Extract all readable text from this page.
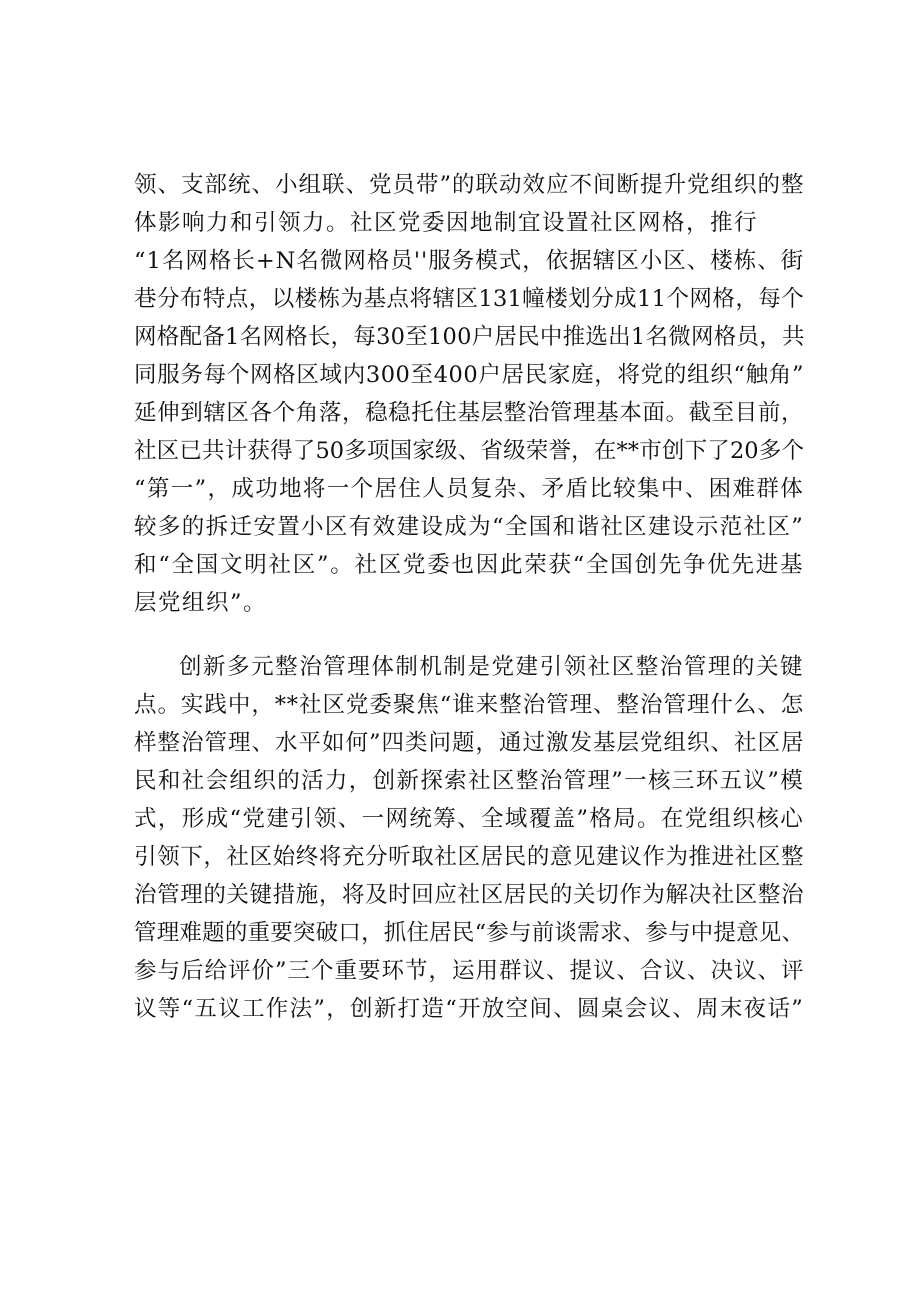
领、支部统、小组联、党员带”的联动效应不间断提升党组织的整
体影响力和引领力。社区党委因地制宜设置社区网格，推行
“1名网格长+N名微网格员''服务模式，依据辖区小区、楼栋、街
巷分布特点，以楼栋为基点将辖区131幢楼划分成11个网格，每个
网格配备1名网格长，每30至100户居民中推选出1名微网格员，共
同服务每个网格区域内300至400户居民家庭，将党的组织“触角”
延伸到辖区各个角落，稳稳托住基层整治管理基本面。截至目前，
社区已共计获得了50多项国家级、省级荣誉，在**市创下了20多个
“第一”，成功地将一个居住人员复杂、矛盾比较集中、困难群体
较多的拆迁安置小区有效建设成为“全国和谐社区建设示范社区”
和“全国文明社区”。社区党委也因此荣获“全国创先争优先进基
层党组织”。
创新多元整治管理体制机制是党建引领社区整治管理的关键
点。实践中，**社区党委聚焦“谁来整治管理、整治管理什么、怎
样整治管理、水平如何”四类问题，通过激发基层党组织、社区居
民和社会组织的活力，创新探索社区整治管理”一核三环五议”模
式，形成“党建引领、一网统筹、全域覆盖”格局。在党组织核心
引领下，社区始终将充分听取社区居民的意见建议作为推进社区整
治管理的关键措施，将及时回应社区居民的关切作为解决社区整治
管理难题的重要突破口，抓住居民“参与前谈需求、参与中提意见、
参与后给评价”三个重要环节，运用群议、提议、合议、决议、评
议等“五议工作法”，创新打造“开放空间、圆桌会议、周末夜话”
